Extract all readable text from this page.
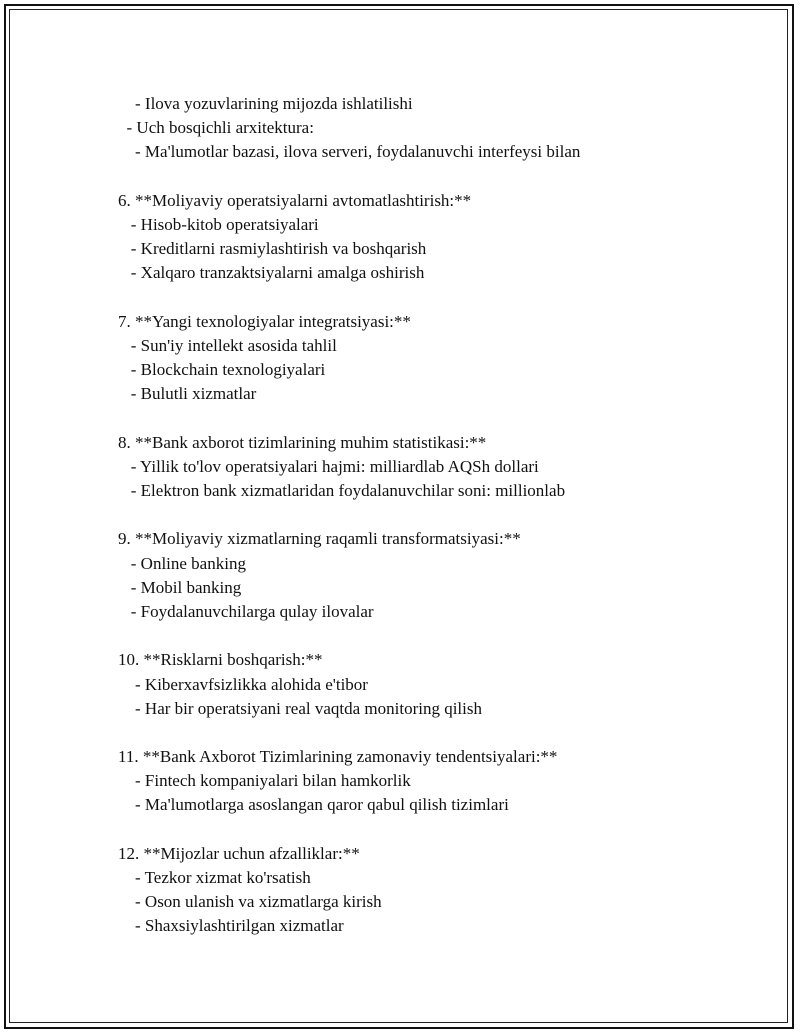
- Ilova yozuvlarining mijozda ishlatilishi
- Uch bosqichli arxitektura:
- Ma'lumotlar bazasi, ilova serveri, foydalanuvchi interfeysi bilan
6. **Moliyaviy operatsiyalarni avtomatlashtirish:**
- Hisob-kitob operatsiyalari
- Kreditlarni rasmiylashtirish va boshqarish
- Xalqaro tranzaktsiyalarni amalga oshirish
7. **Yangi texnologiyalar integratsiyasi:**
- Sun'iy intellekt asosida tahlil
- Blockchain texnologiyalari
- Bulutli xizmatlar
8. **Bank axborot tizimlarining muhim statistikasi:**
- Yillik to'lov operatsiyalari hajmi: milliardlab AQSh dollari
- Elektron bank xizmatlaridan foydalanuvchilar soni: millionlab
9. **Moliyaviy xizmatlarning raqamli transformatsiyasi:**
- Online banking
- Mobil banking
- Foydalanuvchilarga qulay ilovalar
10. **Risklarni boshqarish:**
- Kiberxavfsizlikka alohida e'tibor
- Har bir operatsiyani real vaqtda monitoring qilish
11. **Bank Axborot Tizimlarining zamonaviy tendentsiyalari:**
- Fintech kompaniyalari bilan hamkorlik
- Ma'lumotlarga asoslangan qaror qabul qilish tizimlari
12. **Mijozlar uchun afzalliklar:**
- Tezkor xizmat ko'rsatish
- Oson ulanish va xizmatlarga kirish
- Shaxsiylashtirilgan xizmatlar
